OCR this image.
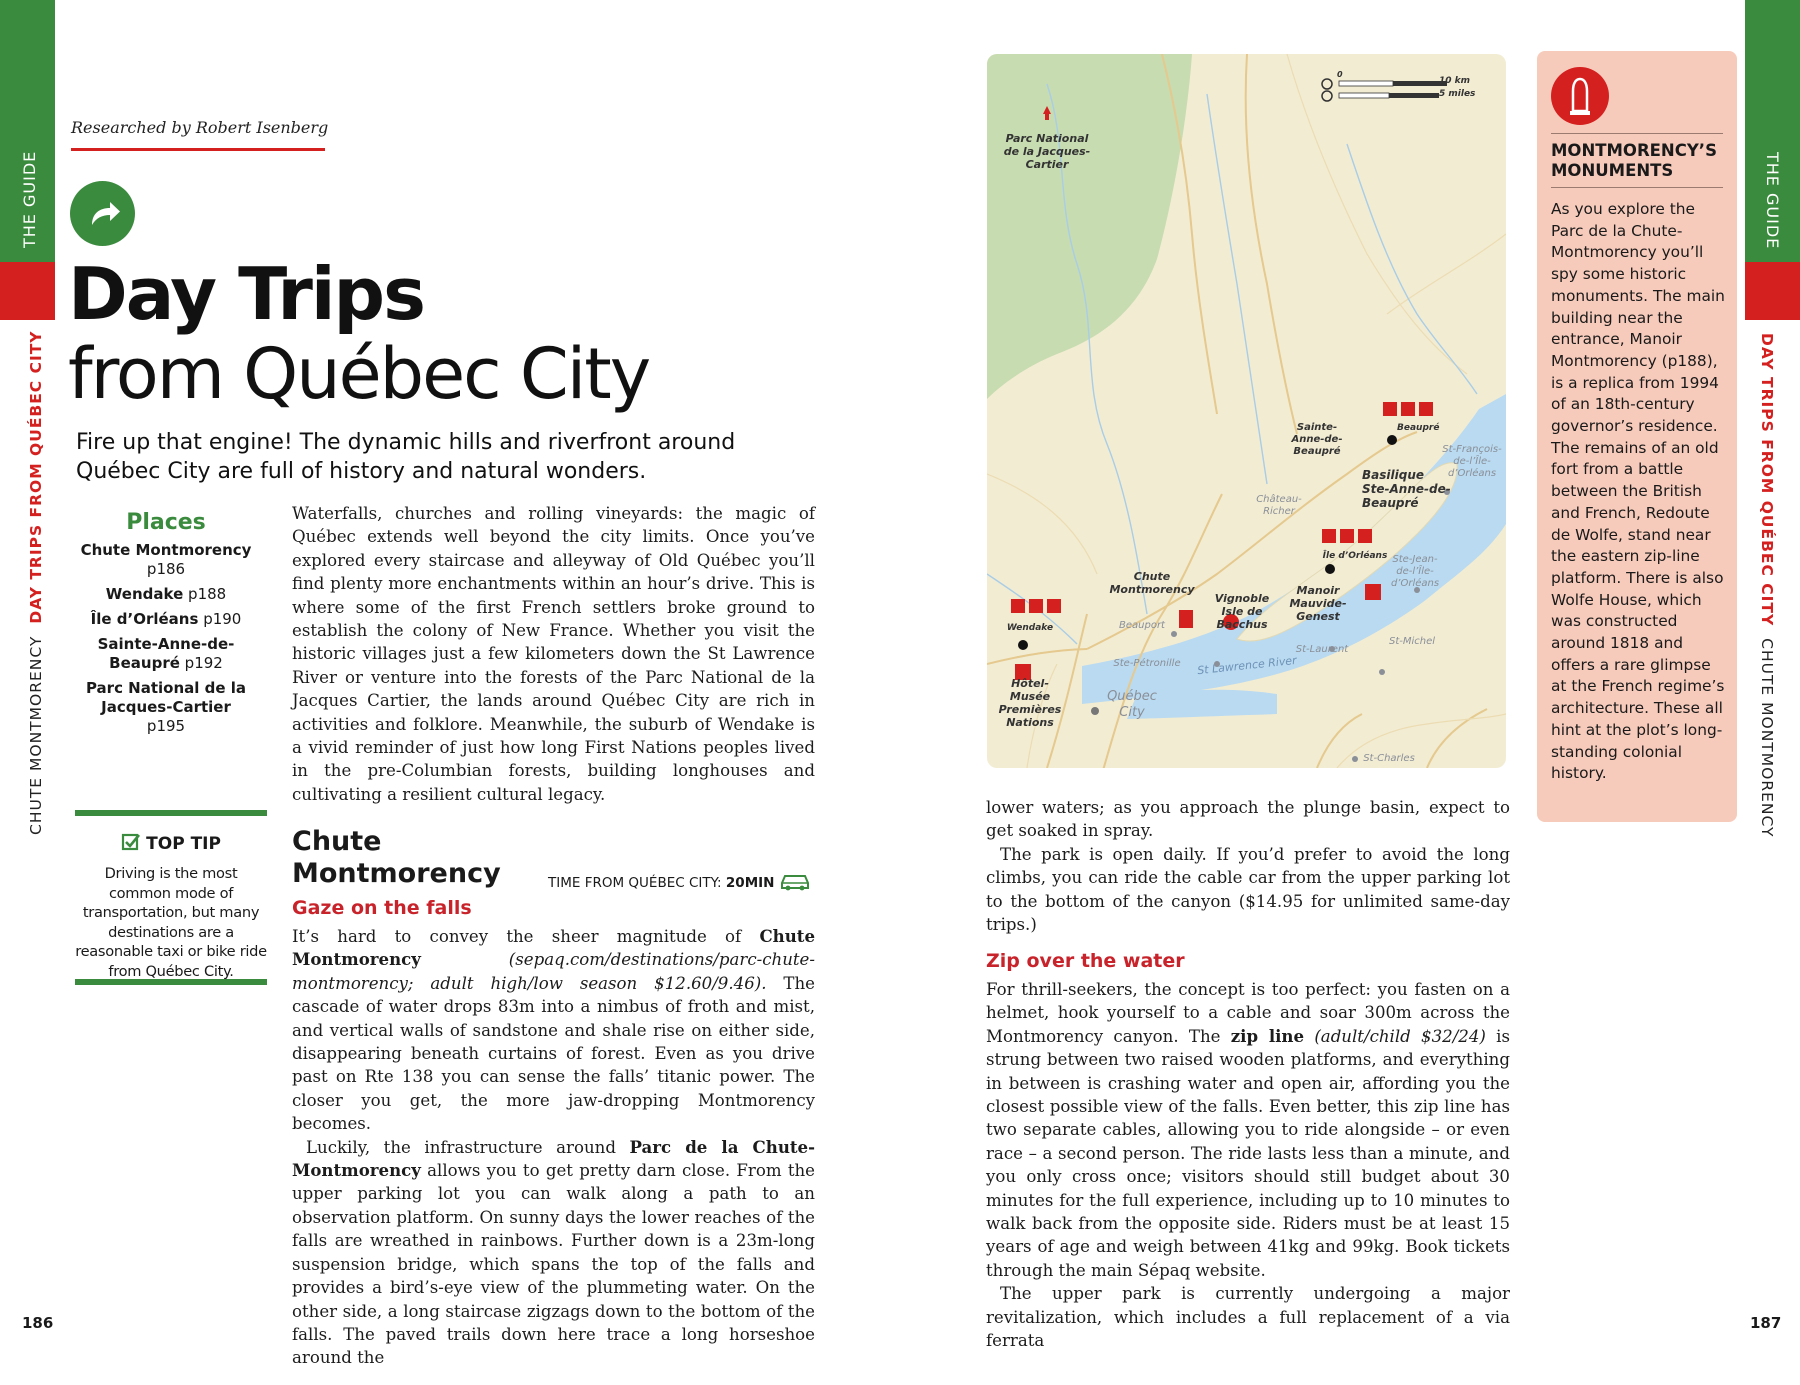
THE GUIDE
CHUTE MONTMORENCY DAY TRIPS FROM QUÉBEC CITY
THE GUIDE
DAY TRIPS FROM QUÉBEC CITY CHUTE MONTMORENCY
Researched by Robert Isenberg
Day Trips
from Québec City
Fire up that engine! The dynamic hills and riverfront around Québec City are full of history and natural wonders.
Places
Chute Montmorency p186
Wendake p188
Île d’Orléans p190
Sainte-Anne-de-Beaupré p192
Parc National de la Jacques-Cartier p195
Waterfalls, churches and rolling vineyards: the magic of Québec extends well beyond the city limits. Once you’ve explored every staircase and alleyway of Old Québec you’ll find plenty more enchantments within an hour’s drive. This is where some of the first French settlers broke ground to establish the colony of New France. Whether you visit the historic villages just a few kilometers down the St Lawrence River or venture into the forests of the Parc National de la Jacques Cartier, the lands around Québec City are rich in activities and folklore. Meanwhile, the suburb of Wendake is a vivid reminder of just how long First Nations peoples lived in the pre-Columbian forests, building longhouses and cultivating a resilient cultural legacy.
TOP TIP
Driving is the most common mode of transportation, but many destinations are a reasonable taxi or bike ride from Québec City.
Chute
Montmorency	TIME FROM QUÉBEC CITY: 20MIN
Gaze on the falls

It’s hard to convey the sheer magnitude of Chute Montmorency (sepaq.com/destinations/parc-chute-montmorency; adult high/low season $12.60/9.46). The cascade of water drops 83m into a nimbus of froth and mist, and vertical walls of sandstone and shale rise on either side, disappearing beneath curtains of forest. Even as you drive past on Rte 138 you can sense the falls’ titanic power. The closer you get, the more jaw-dropping Montmorency becomes.

Luckily, the infrastructure around Parc de la Chute-Montmorency allows you to get pretty darn close. From the upper parking lot you can walk along a path to an observation platform. On sunny days the lower reaches of the falls are wreathed in rainbows. Further down is a 23m-long suspension bridge, which spans the top of the falls and provides a bird’s-eye view of the plummeting water. On the other side, a long staircase zigzags down to the bottom of the falls. The paved trails down here trace a long horseshoe around the

186
10 km
5 miles
0
Parc National de la Jacques-Cartier
Sainte-Anne-de-Beaupré
Beaupré
Basilique Ste-Anne-de-Beaupré
St-François-de-l’Île-d’Orléans
Château-Richer
Île d’Orléans Ste-Jean-de-l’Île-d’Orléans
Chute Montmorency
Vignoble Isle de Bacchus
Manoir Mauvide-Genest
Wendake	Beauport
St-Laurent
St-Michel
Ste-Pétronille	St Lawrence River
Hôtel-Musée Premières Nations
Québec City
St-Charles
MONTMORENCY’S
MONUMENTS
As you explore the Parc de la Chute-Montmorency you’ll spy some historic monuments. The main building near the entrance, Manoir Montmorency (p188), is a replica from 1994 of an 18th-century governor’s residence. The remains of an old fort from a battle between the British and French, Redoute de Wolfe, stand near the eastern zip-line platform. There is also Wolfe House, which was constructed around 1818 and offers a rare glimpse at the French regime’s architecture. These all hint at the plot’s long-standing colonial history.

lower waters; as you approach the plunge basin, expect to get soaked in spray.

The park is open daily. If you’d prefer to avoid the long climbs, you can ride the cable car from the upper parking lot to the bottom of the canyon ($14.95 for unlimited same-day trips.)

Zip over the water

For thrill-seekers, the concept is too perfect: you fasten on a helmet, hook yourself to a cable and soar 300m across the Montmorency canyon. The zip line (adult/child $32/24) is strung between two raised wooden platforms, and everything in between is crashing water and open air, affording you the closest possible view of the falls. Even better, this zip line has two separate cables, allowing you to ride alongside – or even race – a second person. The ride lasts less than a minute, and you only cross once; visitors should still budget about 30 minutes for the full experience, including up to 10 minutes to walk back from the opposite side. Riders must be at least 15 years of age and weigh between 41kg and 99kg. Book tickets through the main Sépaq website.

The upper park is currently undergoing a major revitalization, which includes a full replacement of a via ferrata

187
